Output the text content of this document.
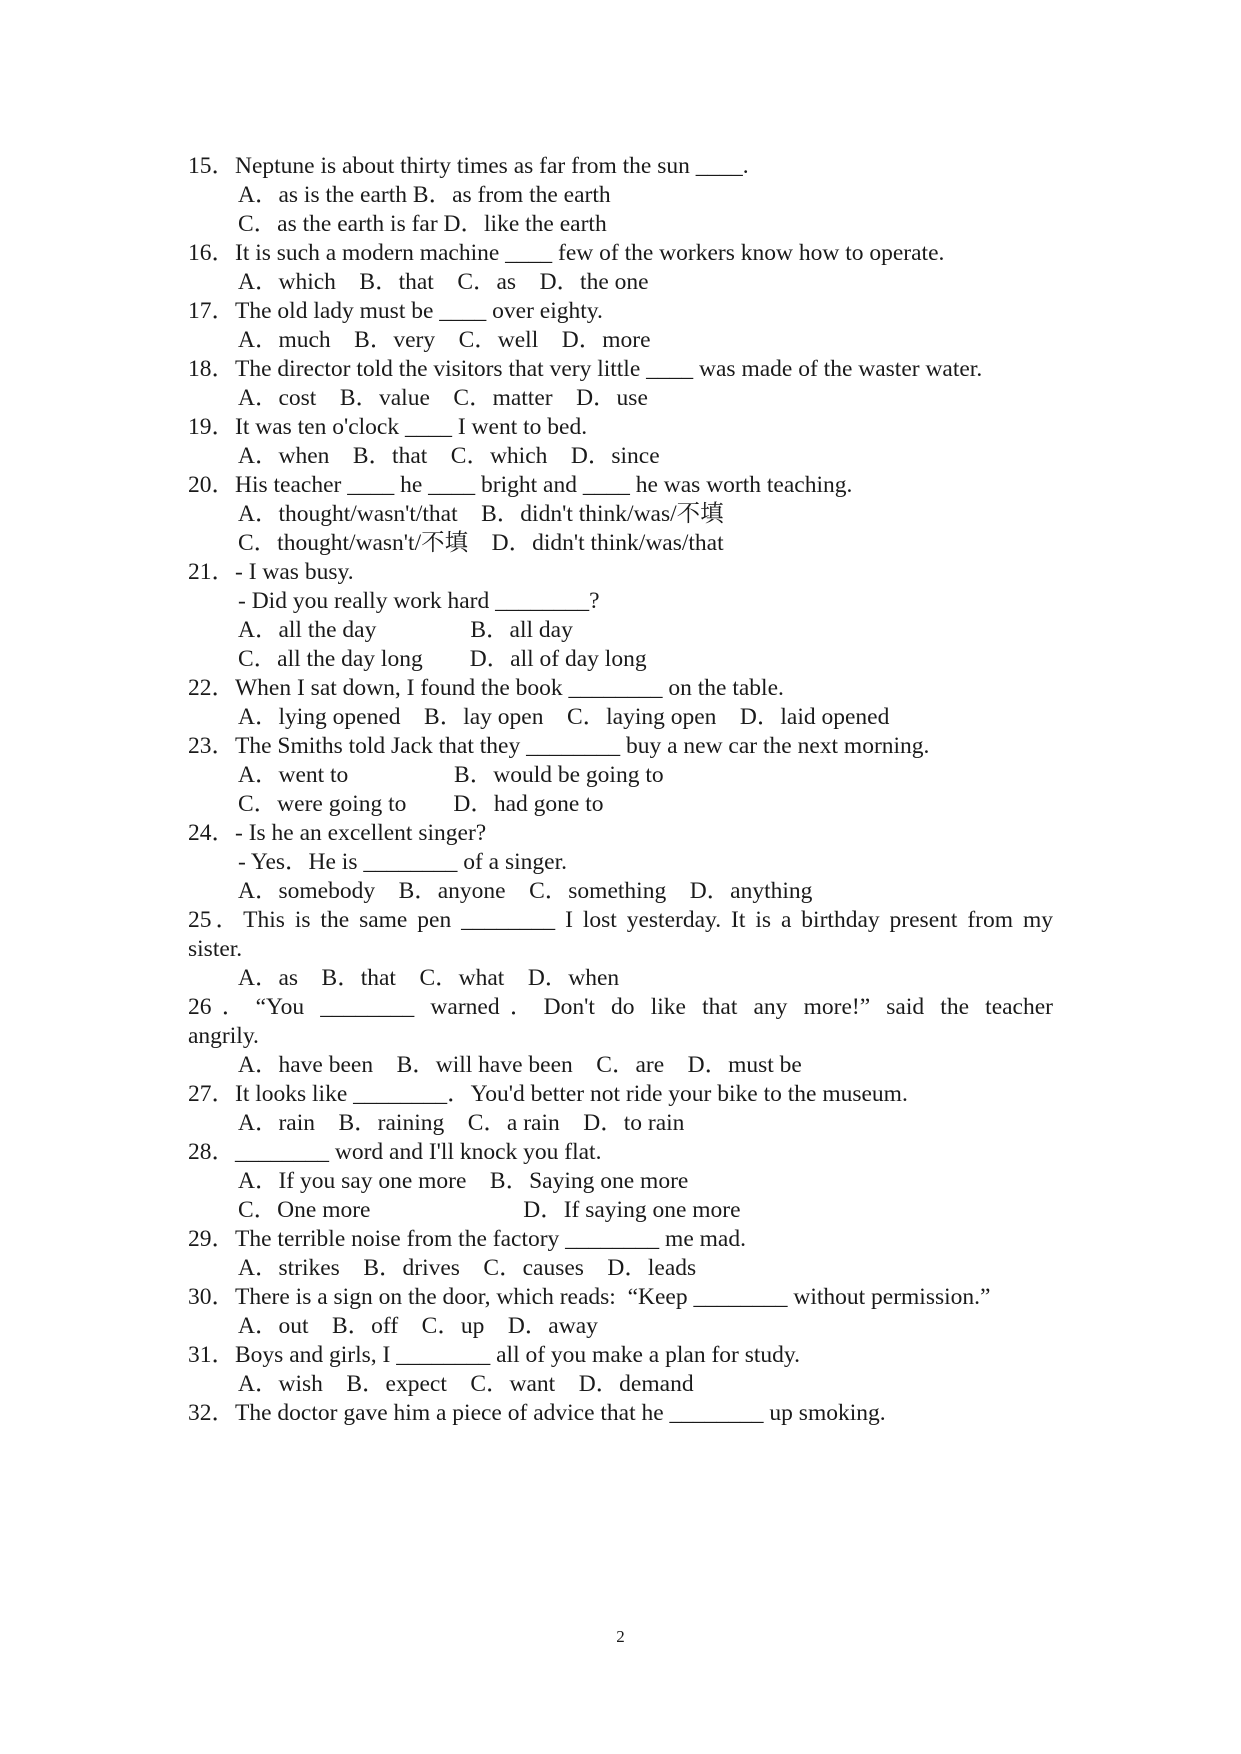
15．Neptune is about thirty times as far from the sun ____.
A．as is the earth B．as from the earth
C．as the earth is far D．like the earth
16．It is such a modern machine ____ few of the workers know how to operate.
A．which    B．that    C．as    D．the one
17．The old lady must be ____ over eighty.
A．much    B．very    C．well    D．more
18．The director told the visitors that very little ____ was made of the waster water.
A．cost    B．value    C．matter    D．use
19．It was ten o'clock ____ I went to bed.
A．when    B．that    C．which    D．since
20．His teacher ____ he ____ bright and ____ he was worth teaching.
A．thought/wasn't/that    B．didn't think/was/不填
C．thought/wasn't/不填    D．didn't think/was/that
21．- I was busy.
- Did you really work hard ________?
A．all the day                B．all day
C．all the day long        D．all of day long
22．When I sat down, I found the book ________ on the table.
A．lying opened    B．lay open    C．laying open    D．laid opened
23．The Smiths told Jack that they ________ buy a new car the next morning.
A．went to                  B．would be going to
C．were going to        D．had gone to
24．- Is he an excellent singer?
- Yes．He is ________ of a singer.
A．somebody    B．anyone    C．something    D．anything
25．This is the same pen ________ I lost yesterday. It is a birthday present from my
sister.
A．as    B．that    C．what    D．when
26．“You ________ warned．Don't do like that any more!” said the teacher
angrily.
A．have been    B．will have been    C．are    D．must be
27．It looks like ________．You'd better not ride your bike to the museum.
A．rain    B．raining    C．a rain    D．to rain
28．________ word and I'll knock you flat.
A．If you say one more    B．Saying one more
C．One more                          D．If saying one more
29．The terrible noise from the factory ________ me mad.
A．strikes    B．drives    C．causes    D．leads
30．There is a sign on the door, which reads:  “Keep ________ without permission.”
A．out    B．off    C．up    D．away
31．Boys and girls, I ________ all of you make a plan for study.
A．wish    B．expect    C．want    D．demand
32．The doctor gave him a piece of advice that he ________ up smoking.
2
